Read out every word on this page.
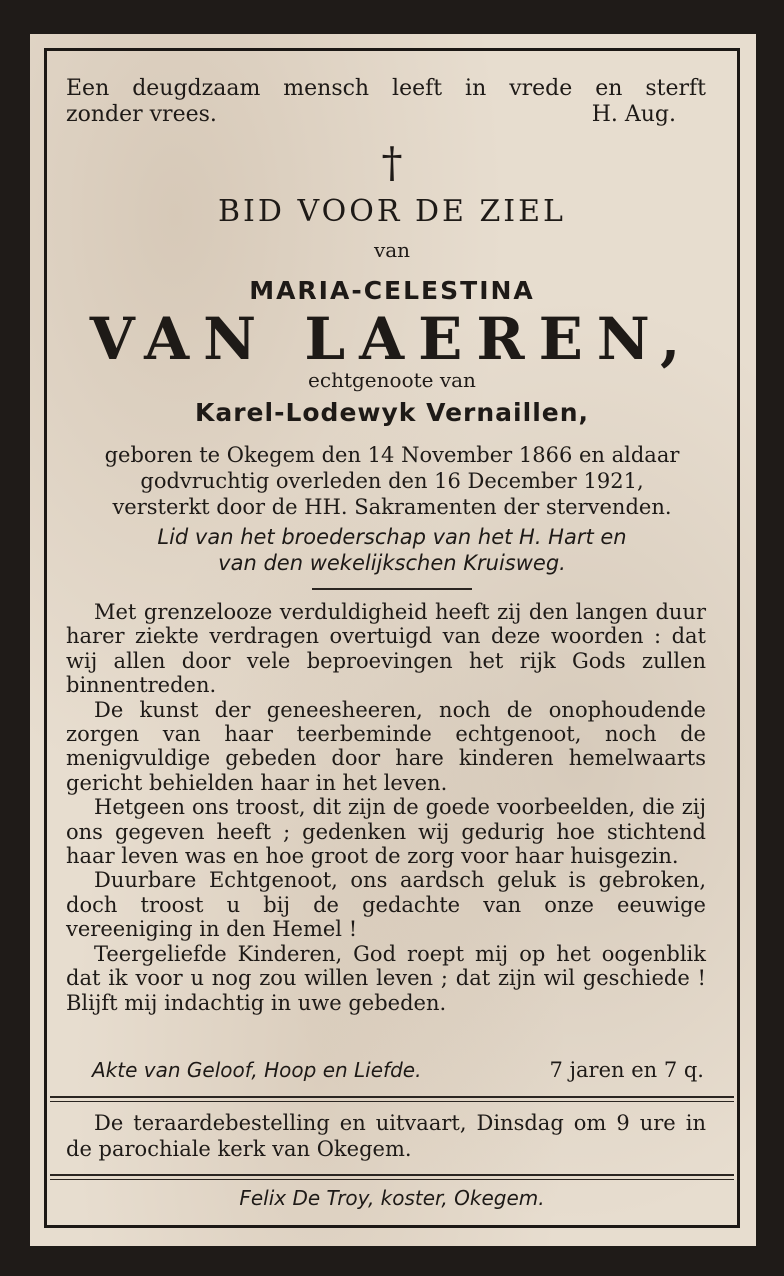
Een deugdzaam mensch leeft in vrede en sterft
zonder vrees.	H. Aug.
†
BID VOOR DE ZIEL
van
MARIA-CELESTINA
VAN LAEREN,
echtgenoote van
Karel-Lodewyk Vernaillen,
geboren te Okegem den 14 November 1866 en aldaar
godvruchtig overleden den 16 December 1921,
versterkt door de HH. Sakramenten der stervenden.
Lid van het broederschap van het H. Hart en
van den wekelijkschen Kruisweg.

Met grenzelooze verduldigheid heeft zij den langen duur harer ziekte verdragen overtuigd van deze woorden : dat wij allen door vele beproevingen het rijk Gods zullen binnentreden.

De kunst der geneesheeren, noch de onophoudende zorgen van haar teerbeminde echtgenoot, noch de menigvuldige gebeden door hare kinderen hemelwaarts gericht behielden haar in het leven.

Hetgeen ons troost, dit zijn de goede voorbeelden, die zij ons gegeven heeft ; gedenken wij gedurig hoe stichtend haar leven was en hoe groot de zorg voor haar huisgezin.

Duurbare Echtgenoot, ons aardsch geluk is gebroken, doch troost u bij de gedachte van onze eeuwige vereeniging in den Hemel !

Teergeliefde Kinderen, God roept mij op het oogenblik dat ik voor u nog zou willen leven ; dat zijn wil geschiede ! Blijft mij indachtig in uwe gebeden.

Akte van Geloof, Hoop en Liefde.	7 jaren en 7 q.

De teraardebestelling en uitvaart, Dinsdag om 9 ure in de parochiale kerk van Okegem.

Felix De Troy, koster, Okegem.
